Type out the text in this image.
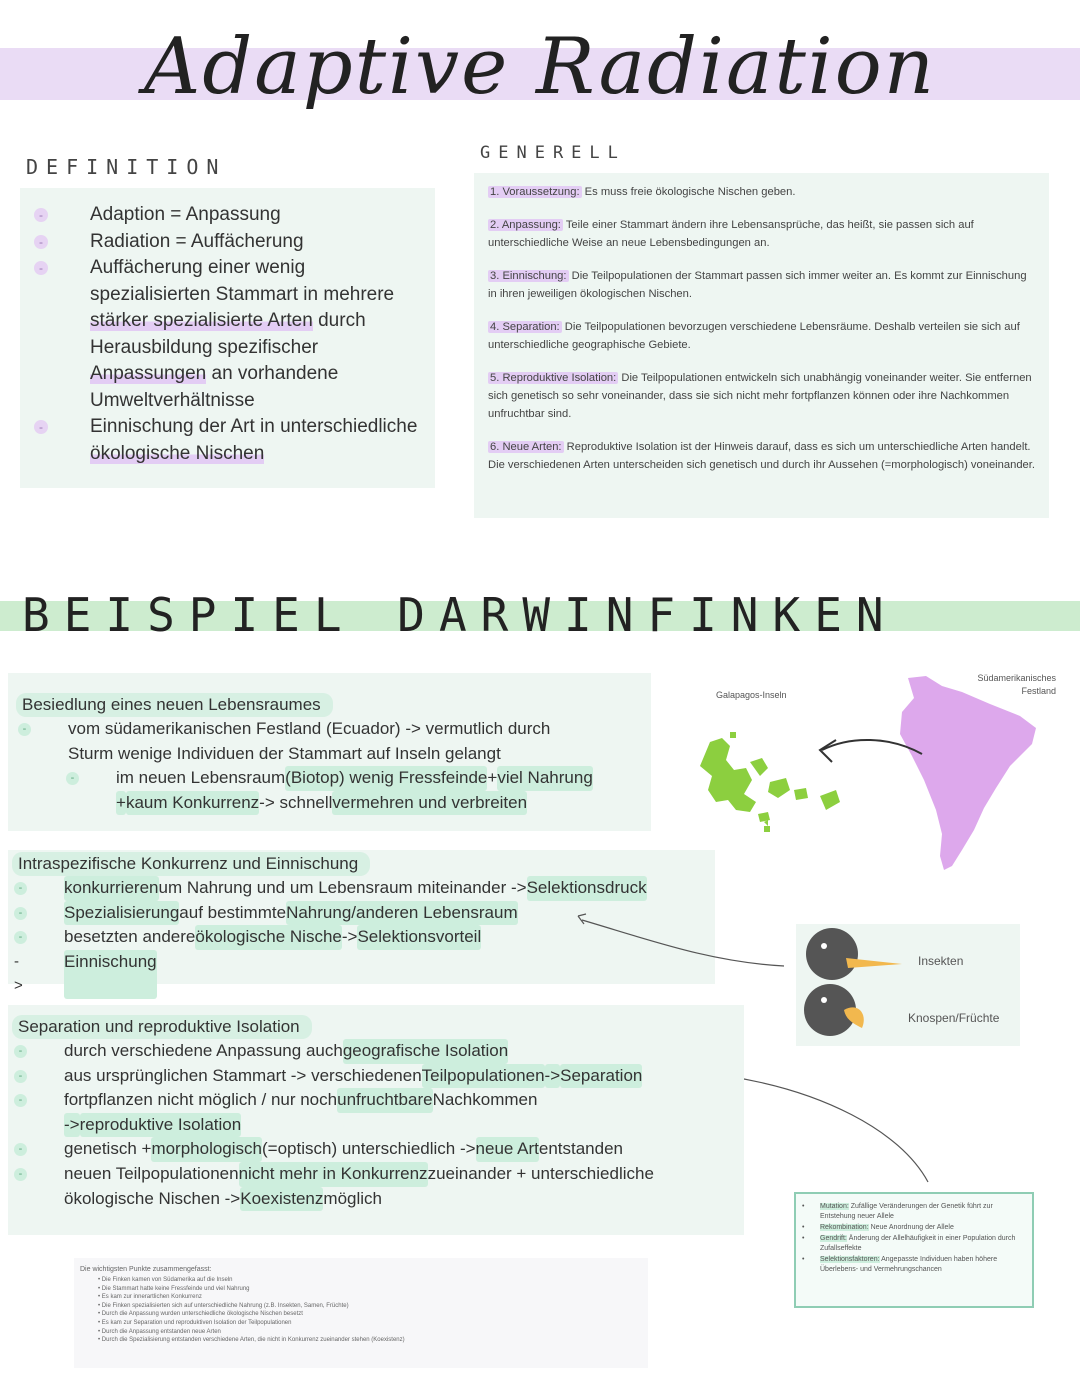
Adaptive Radiation
DEFINITION
- Adaption = Anpassung
- Radiation = Auffächerung
- Auffächerung einer wenig
spezialisierten Stammart in mehrere
stärker spezialisierte Arten durch
Herausbildung spezifischer
Anpassungen an vorhandene
Umweltverhältnisse
- Einnischung der Art in unterschiedliche
ökologische Nischen
GENERELL
1. Voraussetzung: Es muss freie ökologische Nischen geben.
2. Anpassung: Teile einer Stammart ändern ihre Lebensansprüche, das heißt, sie passen sich auf unterschiedliche Weise an neue Lebensbedingungen an.
3. Einnischung: Die Teilpopulationen der Stammart passen sich immer weiter an. Es kommt zur Einnischung in ihren jeweiligen ökologischen Nischen.
4. Separation: Die Teilpopulationen bevorzugen verschiedene Lebensräume. Deshalb verteilen sie sich auf unterschiedliche geographische Gebiete.
5. Reproduktive Isolation: Die Teilpopulationen entwickeln sich unabhängig voneinander weiter. Sie entfernen sich genetisch so sehr voneinander, dass sie sich nicht mehr fortpflanzen können oder ihre Nachkommen unfruchtbar sind.
6. Neue Arten: Reproduktive Isolation ist der Hinweis darauf, dass es sich um unterschiedliche Arten handelt. Die verschiedenen Arten unterscheiden sich genetisch und durch ihr Aussehen (=morphologisch) voneinander.
BEISPIEL DARWINFINKEN
Besiedlung eines neuen Lebensraumes
- vom südamerikanischen Festland (Ecuador) -> vermutlich durch
Sturm wenige Individuen der Stammart auf Inseln gelangt
- im neuen Lebensraum (Biotop) wenig Fressfeinde + viel Nahrung
+ kaum Konkurrenz -> schnell vermehren und verbreiten
Galapagos-Inseln
Südamerikanisches
Festland
Intraspezifische Konkurrenz und Einnischung
- konkurrieren um Nahrung und um Lebensraum miteinander -> Selektionsdruck
- Spezialisierung auf bestimmte Nahrung/anderen Lebensraum
- besetzten andere ökologische Nische -> Selektionsvorteil
->
Einnischung	Insekten
Knospen/Früchte
Separation und reproduktive Isolation
- durch verschiedene Anpassung auch geografische Isolation
- aus ursprünglichen Stammart -> verschiedenen Teilpopulationen -> Separation
- fortpflanzen nicht möglich / nur noch unfruchtbare Nachkommen
-> reproduktive Isolation
- genetisch + morphologisch (=optisch) unterschiedlich -> neue Art entstanden
- neuen Teilpopulationen nicht mehr in Konkurrenz zueinander + unterschiedliche
ökologische Nischen -> Koexistenz möglich	•	Mutation: Zufällige Veränderungen der Genetik führt zur Entstehung neuer Allele
•	Rekombination: Neue Anordnung der Allele
•	Gendrift: Änderung der Allelhäufigkeit in einer Population durch Zufallseffekte
•	Selektionsfaktoren: Angepasste Individuen haben höhere Überlebens- und Vermehrungschancen
Die wichtigsten Punkte zusammengefasst:
• Die Finken kamen von Südamerika auf die Inseln
• Die Stammart hatte keine Fressfeinde und viel Nahrung
• Es kam zur innerartlichen Konkurrenz
• Die Finken spezialisierten sich auf unterschiedliche Nahrung (z.B. Insekten, Samen, Früchte)
• Durch die Anpassung wurden unterschiedliche ökologische Nischen besetzt
• Es kam zur Separation und reproduktiven Isolation der Teilpopulationen
• Durch die Anpassung entstanden neue Arten
• Durch die Spezialisierung entstanden verschiedene Arten, die nicht in Konkurrenz zueinander stehen (Koexistenz)
